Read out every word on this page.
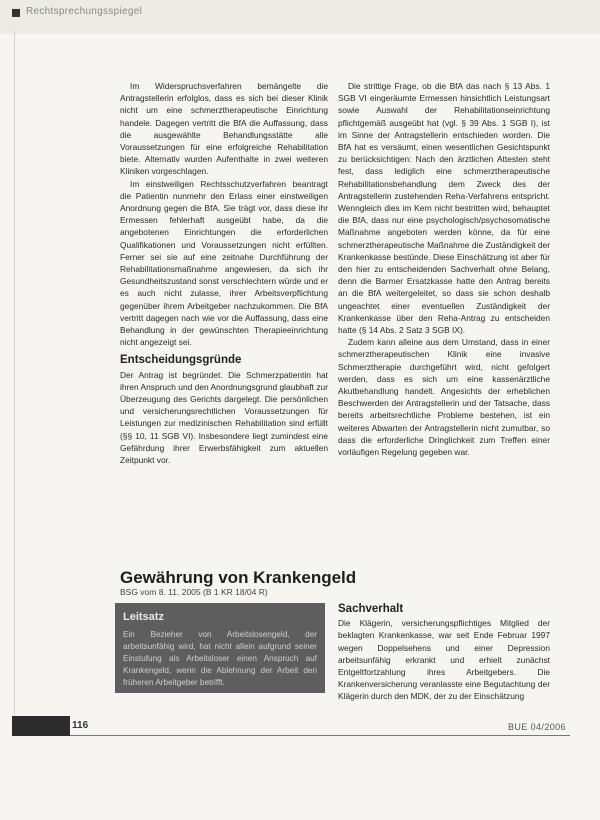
Rechtsprechungsspiegel

Im Widerspruchsverfahren bemängelte die Antragstellerin erfolglos, dass es sich bei dieser Klinik nicht um eine schmerztherapeutische Einrichtung handele. Dagegen vertritt die BfA die Auffassung, dass die ausgewählte Behandlungsstätte alle Voraussetzungen für eine erfolgreiche Rehabilitation biete. Alternativ wurden Aufenthalte in zwei weiteren Kliniken vorgeschlagen.

Im einstweiligen Rechtsschutzverfahren beantragt die Patientin nunmehr den Erlass einer einstweiligen Anordnung gegen die BfA. Sie trägt vor, dass diese ihr Ermessen fehlerhaft ausgeübt habe, da die angebotenen Einrichtungen die erforderlichen Qualifikationen und Voraussetzungen nicht erfüllten. Ferner sei sie auf eine zeitnahe Durchführung der Rehabilitationsmaßnahme angewiesen, da sich ihr Gesundheitszustand sonst verschlechtern würde und er es auch nicht zulasse, ihrer Arbeitsverpflichtung gegenüber ihrem Arbeitgeber nachzukommen. Die BfA vertritt dagegen nach wie vor die Auffassung, dass eine Behandlung in der gewünschten Therapieeinrichtung nicht angezeigt sei.

Entscheidungsgründe

Der Antrag ist begründet. Die Schmerzpatientin hat ihren Anspruch und den Anordnungsgrund glaubhaft zur Überzeugung des Gerichts dargelegt. Die persönlichen und versicherungsrechtlichen Voraussetzungen für Leistungen zur medizinischen Rehabilitation sind erfüllt (§§ 10, 11 SGB VI). Insbesondere liegt zumindest eine Gefährdung ihrer Erwerbsfähigkeit zum aktuellen Zeitpunkt vor.

Die strittige Frage, ob die BfA das nach § 13 Abs. 1 SGB VI eingeräumte Ermessen hinsichtlich Leistungsart sowie Auswahl der Rehabilitationseinrichtung pflichtgemäß ausgeübt hat (vgl. § 39 Abs. 1 SGB I), ist im Sinne der Antragstellerin entschieden worden. Die BfA hat es versäumt, einen wesentlichen Gesichtspunkt zu berücksichtigen: Nach den ärztlichen Attesten steht fest, dass lediglich eine schmerztherapeutische Rehabilitationsbehandlung dem Zweck des der Antragstellerin zustehenden Reha-Verfahrens entspricht. Wenngleich dies im Kern nicht bestritten wird, behauptet die BfA, dass nur eine psychologisch/psychosomatische Maßnahme angeboten werden könne, da für eine schmerztherapeutische Maßnahme die Zuständigkeit der Krankenkasse bestünde. Diese Einschätzung ist aber für den hier zu entscheidenden Sachverhalt ohne Belang, denn die Barmer Ersatzkasse hatte den Antrag bereits an die BfA weitergeleitet, so dass sie schon deshalb ungeachtet einer eventuellen Zuständigkeit der Krankenkasse über den Reha-Antrag zu entscheiden hatte (§ 14 Abs. 2 Satz 3 SGB IX).

Zudem kann alleine aus dem Umstand, dass in einer schmerztherapeutischen Klinik eine invasive Schmerztherapie durchgeführt wird, nicht gefolgert werden, dass es sich um eine kassenärztliche Akutbehandlung handelt. Angesichts der erheblichen Beschwerden der Antragstellerin und der Tatsache, dass bereits arbeitsrechtliche Probleme bestehen, ist ein weiteres Abwarten der Antragstellerin nicht zumutbar, so dass die erforderliche Dringlichkeit zum Treffen einer vorläufigen Regelung gegeben war.

Gewährung von Krankengeld
BSG vom 8. 11. 2005 (B 1 KR 18/04 R)
Leitsatz
Ein Bezieher von Arbeitslosengeld, der arbeitsunfähig wird, hat nicht allein aufgrund seiner Einstufung als Arbeitsloser einen Anspruch auf Krankengeld, wenn die Ablehnung der Arbeit den früheren Arbeitgeber betrifft.
Sachverhalt

Die Klägerin, versicherungspflichtiges Mitglied der beklagten Krankenkasse, war seit Ende Februar 1997 wegen Doppelsehens und einer Depression arbeitsunfähig erkrankt und erhielt zunächst Entgeltfortzahlung ihres Arbeitgebers. Die Krankenversicherung veranlasste eine Begutachtung der Klägerin durch den MDK, der zu der Einschätzung

116	BUE 04/2006
